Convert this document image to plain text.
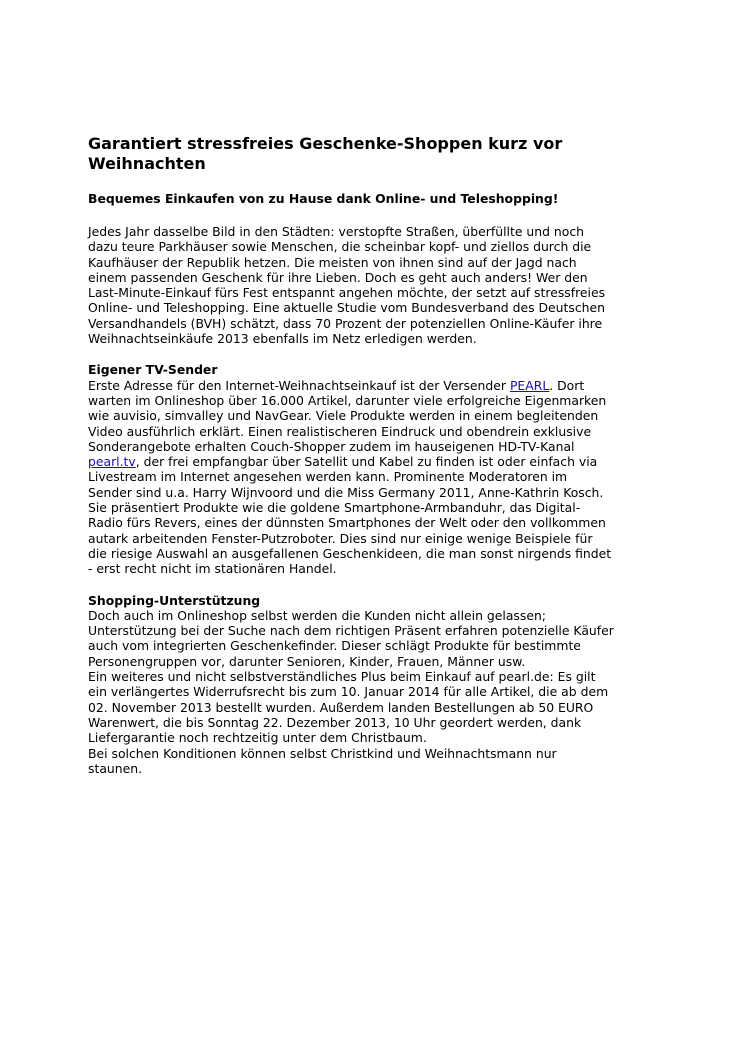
Garantiert stressfreies Geschenke-Shoppen kurz vor Weihnachten
Bequemes Einkaufen von zu Hause dank Online- und Teleshopping!
Jedes Jahr dasselbe Bild in den Städten: verstopfte Straßen, überfüllte und noch
dazu teure Parkhäuser sowie Menschen, die scheinbar kopf- und ziellos durch die
Kaufhäuser der Republik hetzen. Die meisten von ihnen sind auf der Jagd nach
einem passenden Geschenk für ihre Lieben. Doch es geht auch anders! Wer den
Last-Minute-Einkauf fürs Fest entspannt angehen möchte, der setzt auf stressfreies
Online- und Teleshopping. Eine aktuelle Studie vom Bundesverband des Deutschen
Versandhandels (BVH) schätzt, dass 70 Prozent der potenziellen Online-Käufer ihre
Weihnachtseinkäufe 2013 ebenfalls im Netz erledigen werden.
Eigener TV-Sender
Erste Adresse für den Internet-Weihnachtseinkauf ist der Versender PEARL. Dort
warten im Onlineshop über 16.000 Artikel, darunter viele erfolgreiche Eigenmarken
wie auvisio, simvalley und NavGear. Viele Produkte werden in einem begleitenden
Video ausführlich erklärt. Einen realistischeren Eindruck und obendrein exklusive
Sonderangebote erhalten Couch-Shopper zudem im hauseigenen HD-TV-Kanal
pearl.tv, der frei empfangbar über Satellit und Kabel zu finden ist oder einfach via
Livestream im Internet angesehen werden kann. Prominente Moderatoren im
Sender sind u.a. Harry Wijnvoord und die Miss Germany 2011, Anne-Kathrin Kosch.
Sie präsentiert Produkte wie die goldene Smartphone-Armbanduhr, das Digital-
Radio fürs Revers, eines der dünnsten Smartphones der Welt oder den vollkommen
autark arbeitenden Fenster-Putzroboter. Dies sind nur einige wenige Beispiele für
die riesige Auswahl an ausgefallenen Geschenkideen, die man sonst nirgends findet
- erst recht nicht im stationären Handel.
Shopping-Unterstützung
Doch auch im Onlineshop selbst werden die Kunden nicht allein gelassen;
Unterstützung bei der Suche nach dem richtigen Präsent erfahren potenzielle Käufer
auch vom integrierten Geschenkefinder. Dieser schlägt Produkte für bestimmte
Personengruppen vor, darunter Senioren, Kinder, Frauen, Männer usw.
Ein weiteres und nicht selbstverständliches Plus beim Einkauf auf pearl.de: Es gilt
ein verlängertes Widerrufsrecht bis zum 10. Januar 2014 für alle Artikel, die ab dem
02. November 2013 bestellt wurden. Außerdem landen Bestellungen ab 50 EURO
Warenwert, die bis Sonntag 22. Dezember 2013, 10 Uhr geordert werden, dank
Liefergarantie noch rechtzeitig unter dem Christbaum.
Bei solchen Konditionen können selbst Christkind und Weihnachtsmann nur
staunen.
